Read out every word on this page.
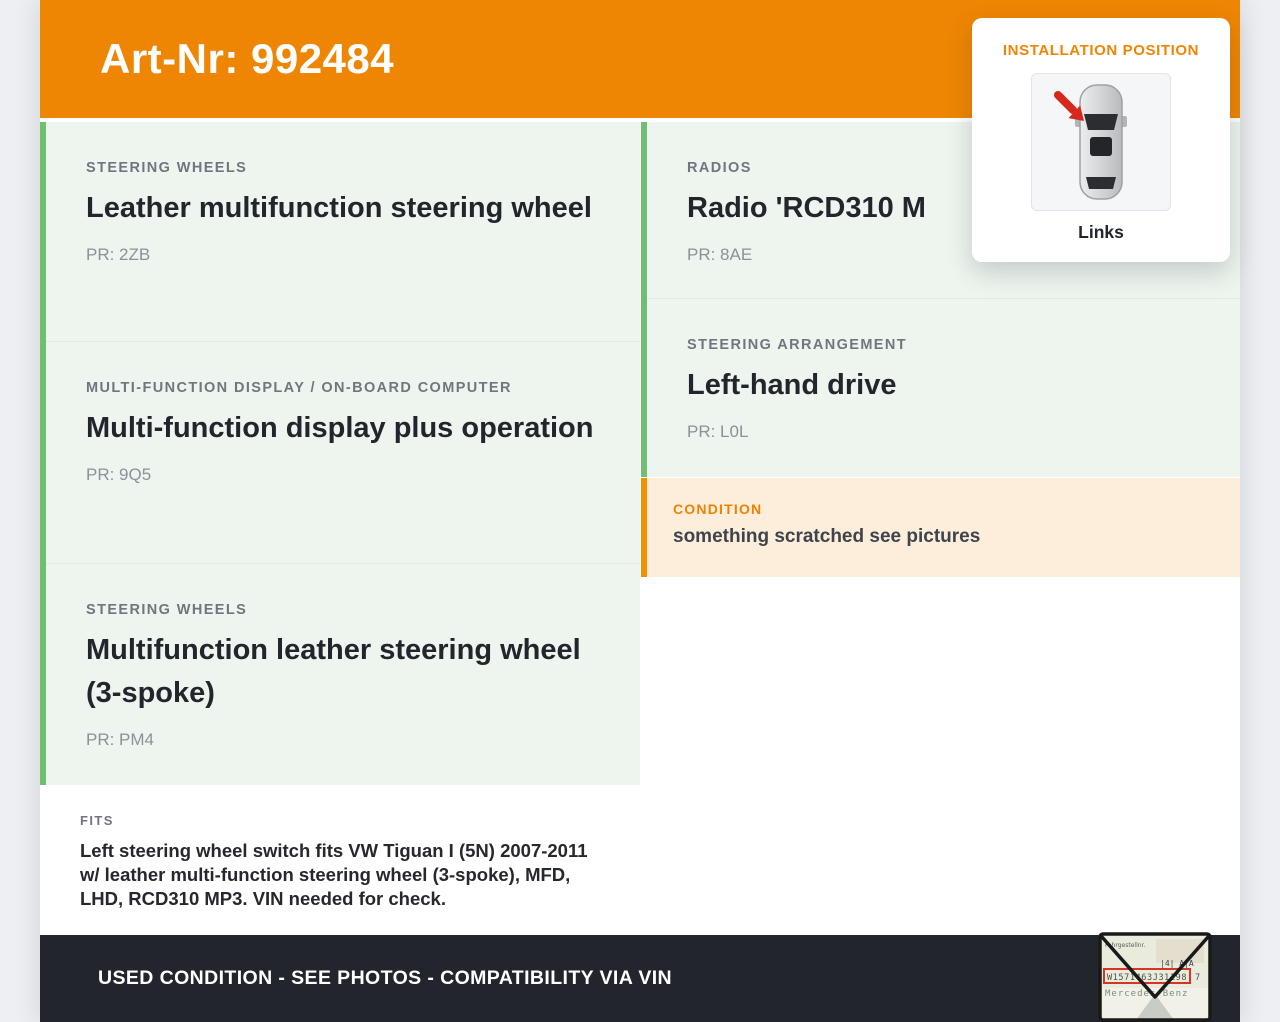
Art-Nr: 992484
STEERING WHEELS
Leather multifunction steering wheel
PR: 2ZB
MULTI-FUNCTION DISPLAY / ON-BOARD COMPUTER
Multi-function display plus operation
PR: 9Q5
STEERING WHEELS
Multifunction leather steering wheel (3-spoke)
PR: PM4
FITS
Left steering wheel switch fits VW Tiguan I (5N) 2007-2011 w/ leather multi-function steering wheel (3-spoke), MFD, LHD, RCD310 MP3. VIN needed for check.
RADIOS
Radio 'RCD310 M
PR: 8AE
STEERING ARRANGEMENT
Left-hand drive
PR: L0L
CONDITION
something scratched see pictures
INSTALLATION POSITION
Links
USED CONDITION - SEE PHOTOS - COMPATIBILITY VIA VIN
Fahrgestellnr.
|4| A|A
W1571463J31198 7
Mercedes-Benz
